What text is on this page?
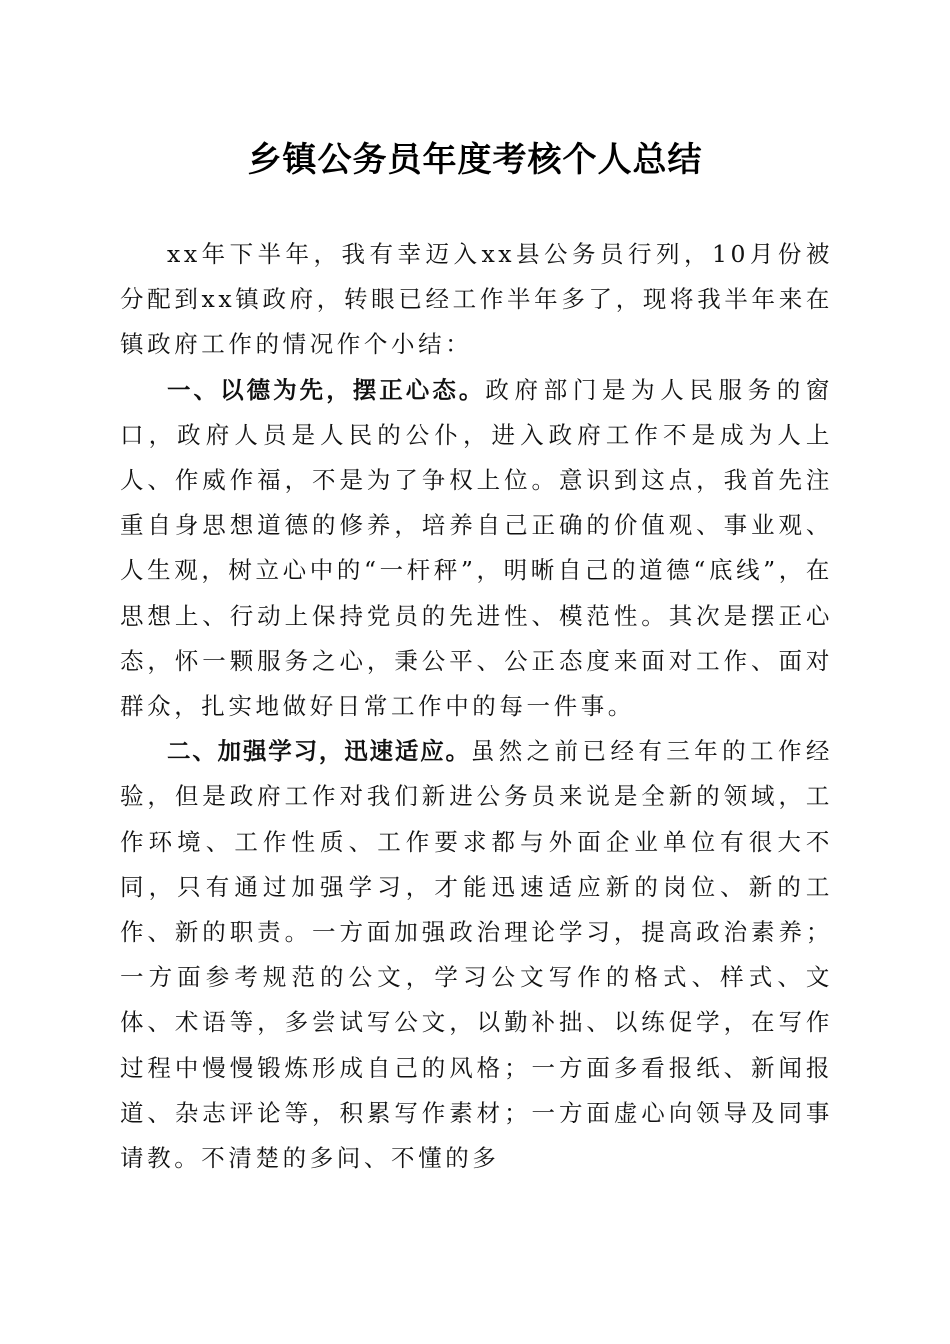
乡镇公务员年度考核个人总结

xx年下半年，我有幸迈入xx县公务员行列，10月份被分配到xx镇政府，转眼已经工作半年多了，现将我半年来在镇政府工作的情况作个小结：

一、以德为先，摆正心态。政府部门是为人民服务的窗口，政府人员是人民的公仆，进入政府工作不是成为人上人、作威作福，不是为了争权上位。意识到这点，我首先注重自身思想道德的修养，培养自己正确的价值观、事业观、人生观，树立心中的“一杆秤”，明晰自己的道德“底线”，在思想上、行动上保持党员的先进性、模范性。其次是摆正心态，怀一颗服务之心，秉公平、公正态度来面对工作、面对群众，扎实地做好日常工作中的每一件事。

二、加强学习，迅速适应。虽然之前已经有三年的工作经验，但是政府工作对我们新进公务员来说是全新的领域，工作环境、工作性质、工作要求都与外面企业单位有很大不同，只有通过加强学习，才能迅速适应新的岗位、新的工作、新的职责。一方面加强政治理论学习，提高政治素养；一方面参考规范的公文，学习公文写作的格式、样式、文体、术语等，多尝试写公文，以勤补拙、以练促学，在写作过程中慢慢锻炼形成自己的风格；一方面多看报纸、新闻报道、杂志评论等，积累写作素材；一方面虚心向领导及同事请教。不清楚的多问、不懂的多
